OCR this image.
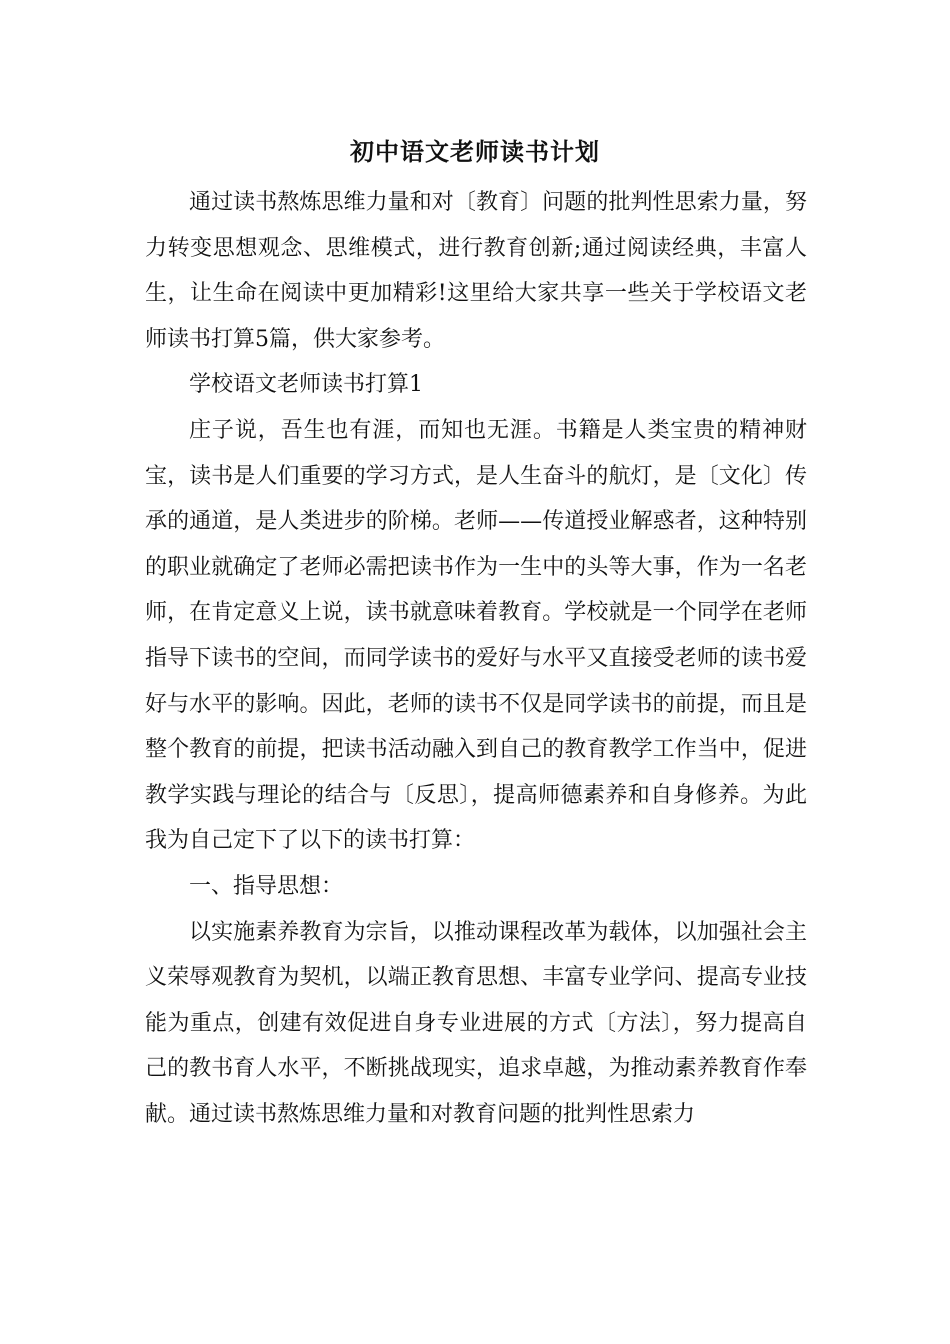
初中语文老师读书计划

通过读书熬炼思维力量和对〔教育〕问题的批判性思索力量，努力转变思想观念、思维模式，进行教育创新;通过阅读经典，丰富人生，让生命在阅读中更加精彩!这里给大家共享一些关于学校语文老师读书打算5篇，供大家参考。

学校语文老师读书打算1

庄子说，吾生也有涯，而知也无涯。书籍是人类宝贵的精神财宝，读书是人们重要的学习方式，是人生奋斗的航灯，是〔文化〕传承的通道，是人类进步的阶梯。老师——传道授业解惑者，这种特别的职业就确定了老师必需把读书作为一生中的头等大事，作为一名老师，在肯定意义上说，读书就意味着教育。学校就是一个同学在老师指导下读书的空间，而同学读书的爱好与水平又直接受老师的读书爱好与水平的影响。因此，老师的读书不仅是同学读书的前提，而且是整个教育的前提，把读书活动融入到自己的教育教学工作当中，促进教学实践与理论的结合与〔反思〕，提高师德素养和自身修养。为此我为自己定下了以下的读书打算：

一、指导思想：

以实施素养教育为宗旨，以推动课程改革为载体，以加强社会主义荣辱观教育为契机，以端正教育思想、丰富专业学问、提高专业技能为重点，创建有效促进自身专业进展的方式〔方法〕，努力提高自己的教书育人水平，不断挑战现实，追求卓越，为推动素养教育作奉献。通过读书熬炼思维力量和对教育问题的批判性思索力
